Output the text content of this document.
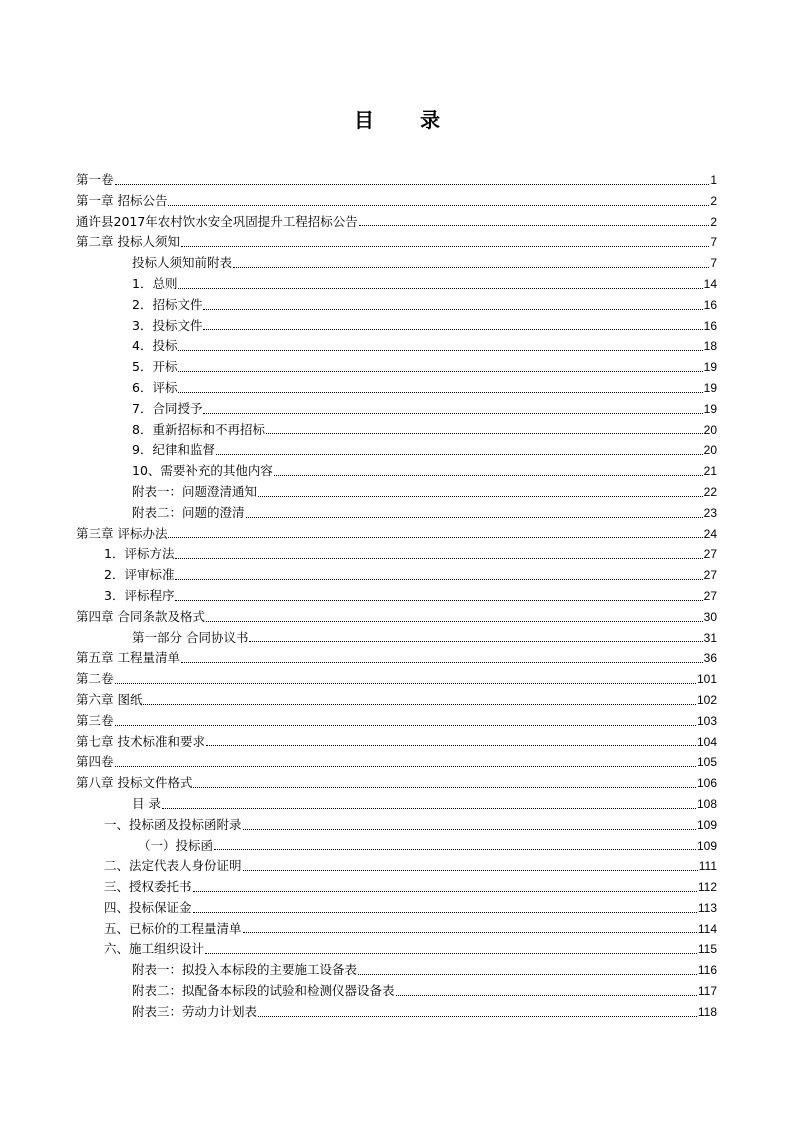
目 录
第一卷	1
第一章 招标公告	2
通许县2017年农村饮水安全巩固提升工程招标公告	2
第二章 投标人须知	7
投标人须知前附表	7
1．总则	14
2．招标文件	16
3．投标文件	16
4．投标	18
5．开标	19
6．评标	19
7．合同授予	19
8．重新招标和不再招标	20
9．纪律和监督	20
10、需要补充的其他内容	21
附表一：问题澄清通知	22
附表二：问题的澄清	23
第三章 评标办法	24
1．评标方法	27
2．评审标准	27
3．评标程序	27
第四章 合同条款及格式	30
第一部分 合同协议书	31
第五章 工程量清单	36
第二卷	101
第六章 图纸	102
第三卷	103
第七章 技术标准和要求	104
第四卷	105
第八章 投标文件格式	106
目 录	108
一、投标函及投标函附录	109
（一）投标函	109
二、法定代表人身份证明	111
三、授权委托书	112
四、投标保证金	113
五、已标价的工程量清单	114
六、施工组织设计	115
附表一：拟投入本标段的主要施工设备表	116
附表二：拟配备本标段的试验和检测仪器设备表	117
附表三：劳动力计划表	118
